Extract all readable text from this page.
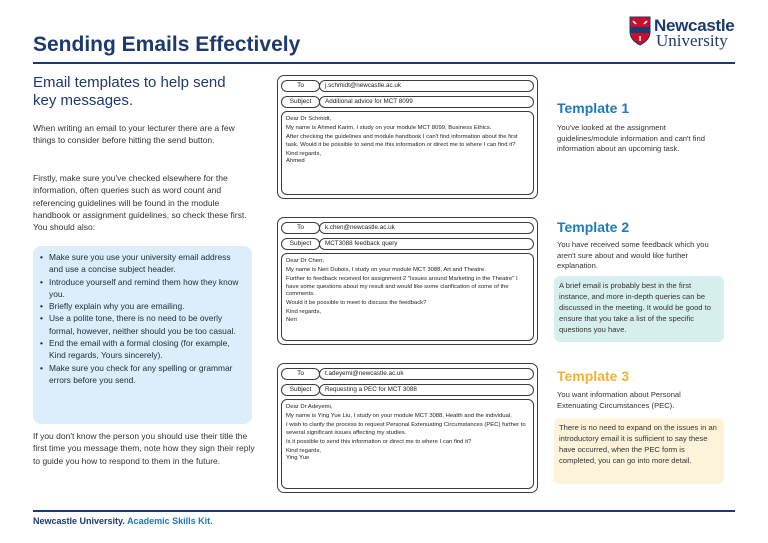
Sending Emails Effectively
Newcastle
University
Email templates to help send key messages.

When writing an email to your lecturer there are a few things to consider before hitting the send button.

Firstly, make sure you've checked elsewhere for the information, often queries such as word count and referencing guidelines will be found in the module handbook or assignment guidelines, so check these first. You should also:

• Make sure you use your university email address and use a concise subject header.
• Introduce yourself and remind them how they know you.
• Briefly explain why you are emailing.
• Use a polite tone, there is no need to be overly formal, however, neither should you be too casual.
• End the email with a formal closing (for example, Kind regards, Yours sincerely).
• Make sure you check for any spelling or grammar errors before you send.

If you don't know the person you should use their title the first time you message them, note how they sign their reply to guide you how to respond to them in the future.

To	j.schmidt@newcastle.ac.uk
Subject	Additional advice for MCT 8099

Dear Dr Schmidt,

My name is Ahmed Karim, I study on your module MCT 8099, Business Ethics.

After checking the guidelines and module handbook I can't find information about the first task. Would it be possible to send me this information or direct me to where I can find it?

Kind regards,

Ahmed

To	k.chen@newcastle.ac.uk
Subject	MCT3088 feedback query

Dear Dr Chen,

My name is Neri Dubois, I study on your module MCT 3088, Art and Theatre.

Further to feedback received for assignment 2 "Issues around Marketing in the Theatre" I have some questions about my result and would like some clarification of some of the comments.

Would it be possible to meet to discuss the feedback?

Kind regards,

Neri

To	t.adeyemi@newcastle.ac.uk
Subject	Requesting a PEC for MCT 3088

Dear Dr Adeyemi,

My name is Ying Yue Liu, I study on your module MCT 3088, Health and the individual.

I wish to clarify the process to request Personal Extenuating Circumstances (PEC) further to several significant issues affecting my studies.

Is it possible to send this information or direct me to where I can find it?

Kind regards,

Ying Yue

Template 1

You've looked at the assignment guidelines/module information and can't find information about an upcoming task.

Template 2

You have received some feedback which you aren't sure about and would like further explanation.

A brief email is probably best in the first instance, and more in-depth queries can be discussed in the meeting. It would be good to ensure that you take a list of the specific questions you have.
Template 3

You want information about Personal Extenuating Circumstances (PEC).

There is no need to expand on the issues in an introductory email it is sufficient to say these have occurred, when the PEC form is completed, you can go into more detail.
Newcastle University. Academic Skills Kit.
